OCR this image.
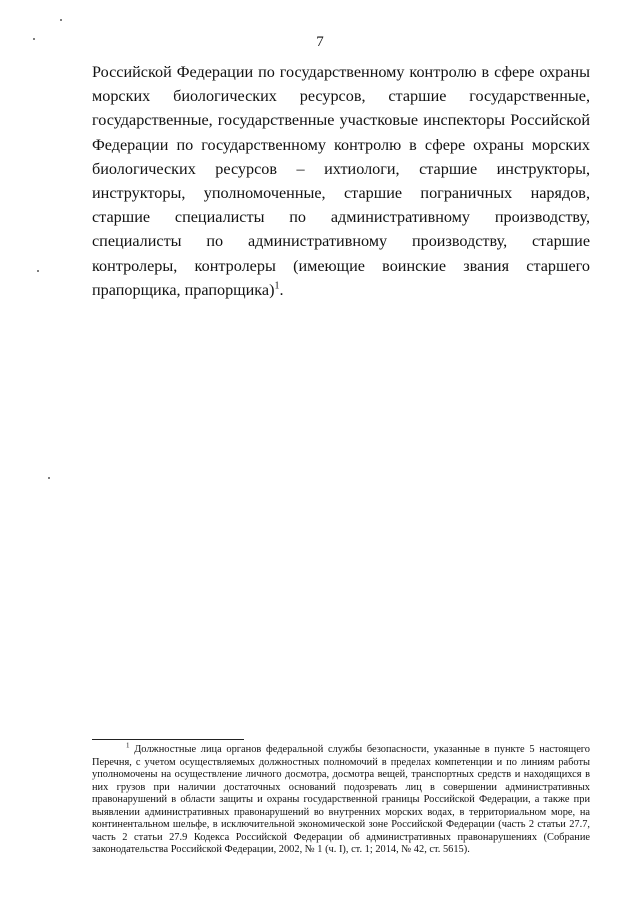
7

Российской Федерации по государственному контролю в сфере охраны морских биологических ресурсов, старшие государственные, государственные, государственные участковые инспекторы Российской Федерации по государственному контролю в сфере охраны морских биологических ресурсов – ихтиологи, старшие инструкторы, инструкторы, уполномоченные, старшие пограничных нарядов, старшие специалисты по административному производству, специалисты по административному производству, старшие контролеры, контролеры (имеющие воинские звания старшего прапорщика, прапорщика)$^1$.

$^1$ Должностные лица органов федеральной службы безопасности, указанные в пункте 5 настоящего Перечня, с учетом осуществляемых должностных полномочий в пределах компетенции и по линиям работы уполномочены на осуществление личного досмотра, досмотра вещей, транспортных средств и находящихся в них грузов при наличии достаточных оснований подозревать лиц в совершении административных правонарушений в области защиты и охраны государственной границы Российской Федерации, а также при выявлении административных правонарушений во внутренних морских водах, в территориальном море, на континентальном шельфе, в исключительной экономической зоне Российской Федерации (часть 2 статьи 27.7, часть 2 статьи 27.9 Кодекса Российской Федерации об административных правонарушениях (Собрание законодательства Российской Федерации, 2002, № 1 (ч. I), ст. 1; 2014, № 42, ст. 5615).
